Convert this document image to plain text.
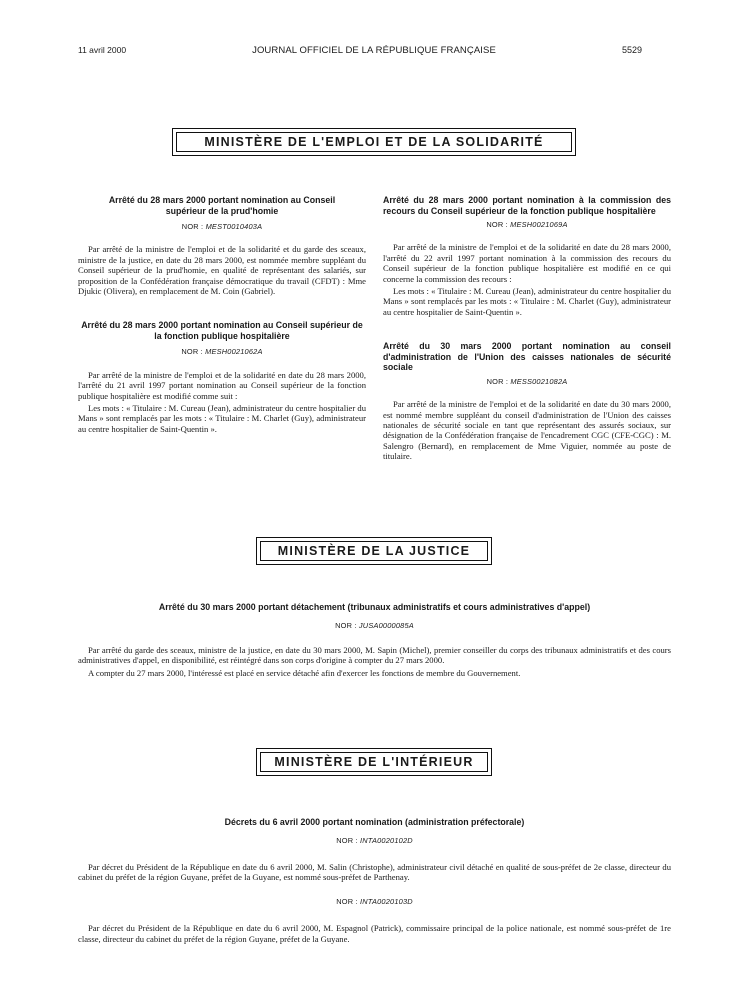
11 avril 2000	JOURNAL OFFICIEL DE LA RÉPUBLIQUE FRANÇAISE	5529
MINISTÈRE DE L'EMPLOI ET DE LA SOLIDARITÉ
Arrêté du 28 mars 2000 portant nomination au Conseil supérieur de la prud'homie
NOR : MEST0010403A

Par arrêté de la ministre de l'emploi et de la solidarité et du garde des sceaux, ministre de la justice, en date du 28 mars 2000, est nommée membre suppléant du Conseil supérieur de la prud'homie, en qualité de représentant des salariés, sur proposition de la Confédération française démocratique du travail (CFDT) : Mme Djukic (Olivera), en remplacement de M. Coin (Gabriel).

Arrêté du 28 mars 2000 portant nomination au Conseil supérieur de la fonction publique hospitalière
NOR : MESH0021062A

Par arrêté de la ministre de l'emploi et de la solidarité en date du 28 mars 2000, l'arrêté du 21 avril 1997 portant nomination au Conseil supérieur de la fonction publique hospitalière est modifié comme suit :

Les mots : « Titulaire : M. Cureau (Jean), administrateur du centre hospitalier du Mans » sont remplacés par les mots : « Titulaire : M. Charlet (Guy), administrateur au centre hospitalier de Saint-Quentin ».

Arrêté du 28 mars 2000 portant nomination à la commission des recours du Conseil supérieur de la fonction publique hospitalière
NOR : MESH0021069A

Par arrêté de la ministre de l'emploi et de la solidarité en date du 28 mars 2000, l'arrêté du 22 avril 1997 portant nomination à la commission des recours du Conseil supérieur de la fonction publique hospitalière est modifié en ce qui concerne la commission des recours :

Les mots : « Titulaire : M. Cureau (Jean), administrateur du centre hospitalier du Mans » sont remplacés par les mots : « Titulaire : M. Charlet (Guy), administrateur au centre hospitalier de Saint-Quentin ».

Arrêté du 30 mars 2000 portant nomination au conseil d'administration de l'Union des caisses nationales de sécurité sociale
NOR : MESS0021082A

Par arrêté de la ministre de l'emploi et de la solidarité en date du 30 mars 2000, est nommé membre suppléant du conseil d'administration de l'Union des caisses nationales de sécurité sociale en tant que représentant des assurés sociaux, sur désignation de la Confédération française de l'encadrement CGC (CFE-CGC) : M. Salengro (Bernard), en remplacement de Mme Viguier, nommée au poste de titulaire.

MINISTÈRE DE LA JUSTICE
Arrêté du 30 mars 2000 portant détachement (tribunaux administratifs et cours administratives d'appel)
NOR : JUSA0000085A

Par arrêté du garde des sceaux, ministre de la justice, en date du 30 mars 2000, M. Sapin (Michel), premier conseiller du corps des tribunaux administratifs et des cours administratives d'appel, en disponibilité, est réintégré dans son corps d'origine à compter du 27 mars 2000.

A compter du 27 mars 2000, l'intéressé est placé en service détaché afin d'exercer les fonctions de membre du Gouvernement.

MINISTÈRE DE L'INTÉRIEUR
Décrets du 6 avril 2000 portant nomination (administration préfectorale)
NOR : INTA0020102D

Par décret du Président de la République en date du 6 avril 2000, M. Salin (Christophe), administrateur civil détaché en qualité de sous-préfet de 2e classe, directeur du cabinet du préfet de la région Guyane, préfet de la Guyane, est nommé sous-préfet de Parthenay.

NOR : INTA0020103D

Par décret du Président de la République en date du 6 avril 2000, M. Espagnol (Patrick), commissaire principal de la police nationale, est nommé sous-préfet de 1re classe, directeur du cabinet du préfet de la région Guyane, préfet de la Guyane.
